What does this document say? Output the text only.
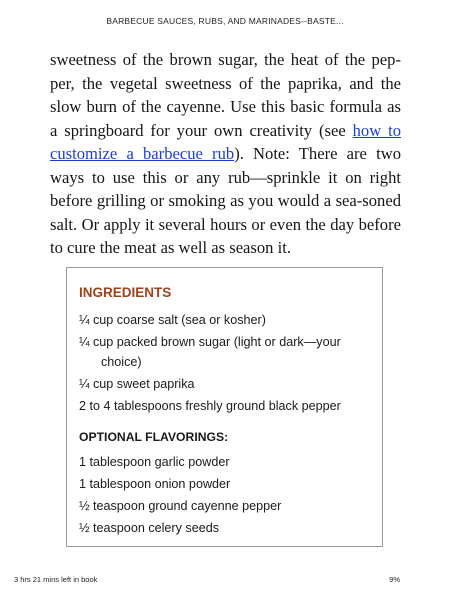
BARBECUE SAUCES, RUBS, AND MARINADES--BASTE...

sweetness of the brown sugar, the heat of the pep-per, the vegetal sweetness of the paprika, and the slow burn of the cayenne. Use this basic formula as a springboard for your own creativity (see how to customize a barbecue rub). Note: There are two ways to use this or any rub—sprinkle it on right before grilling or smoking as you would a sea-soned salt. Or apply it several hours or even the day before to cure the meat as well as season it.

INGREDIENTS
¼ cup coarse salt (sea or kosher)
¼ cup packed brown sugar (light or dark—your
choice)
¼ cup sweet paprika
2 to 4 tablespoons freshly ground black pepper
OPTIONAL FLAVORINGS:
1 tablespoon garlic powder
1 tablespoon onion powder
½ teaspoon ground cayenne pepper
½ teaspoon celery seeds
3 hrs 21 mins left in book	9%
